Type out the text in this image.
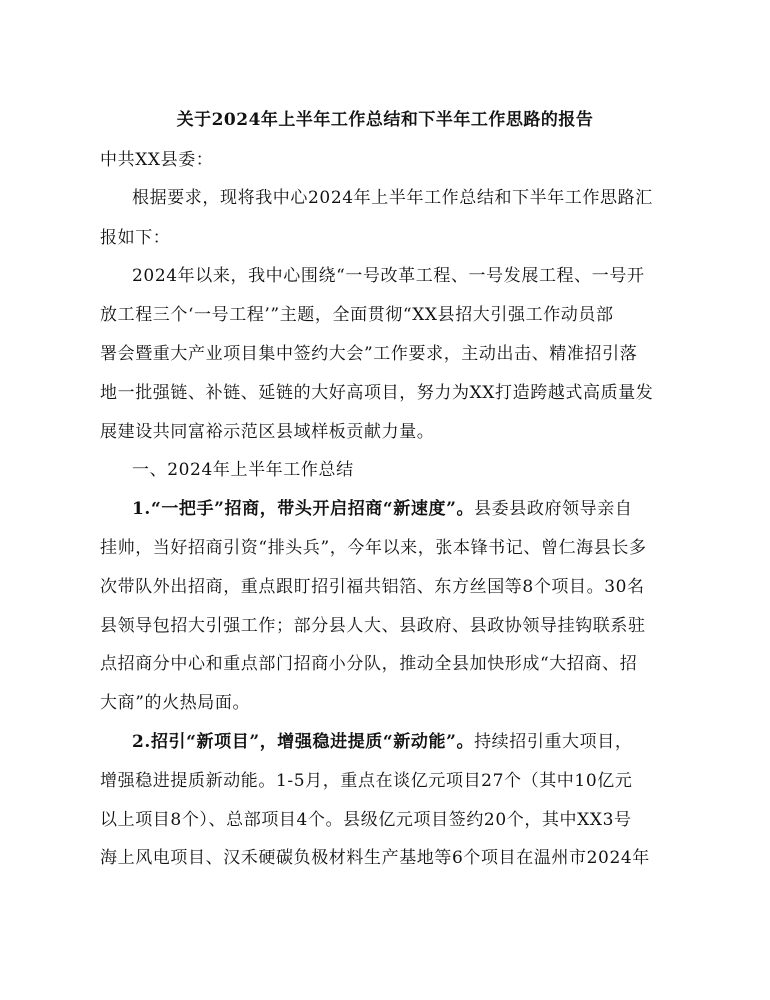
关于2024年上半年工作总结和下半年工作思路的报告
中共XX县委：
根据要求，现将我中心2024年上半年工作总结和下半年工作思路汇
报如下：
2024年以来，我中心围绕“一号改革工程、一号发展工程、一号开
放工程三个‘一号工程’”主题，全面贯彻“XX县招大引强工作动员部
署会暨重大产业项目集中签约大会”工作要求，主动出击、精准招引落
地一批强链、补链、延链的大好高项目，努力为XX打造跨越式高质量发
展建设共同富裕示范区县域样板贡献力量。
一、2024年上半年工作总结
1.“一把手”招商，带头开启招商“新速度”。县委县政府领导亲自
挂帅，当好招商引资“排头兵”，今年以来，张本锋书记、曾仁海县长多
次带队外出招商，重点跟盯招引福共铝箔、东方丝国等8个项目。30名
县领导包招大引强工作；部分县人大、县政府、县政协领导挂钩联系驻
点招商分中心和重点部门招商小分队，推动全县加快形成“大招商、招
大商”的火热局面。
2.招引“新项目”，增强稳进提质“新动能”。持续招引重大项目，
增强稳进提质新动能。1-5月，重点在谈亿元项目27个（其中10亿元
以上项目8个）、总部项目4个。县级亿元项目签约20个，其中XX3号
海上风电项目、汉禾硬碳负极材料生产基地等6个项目在温州市2024年
